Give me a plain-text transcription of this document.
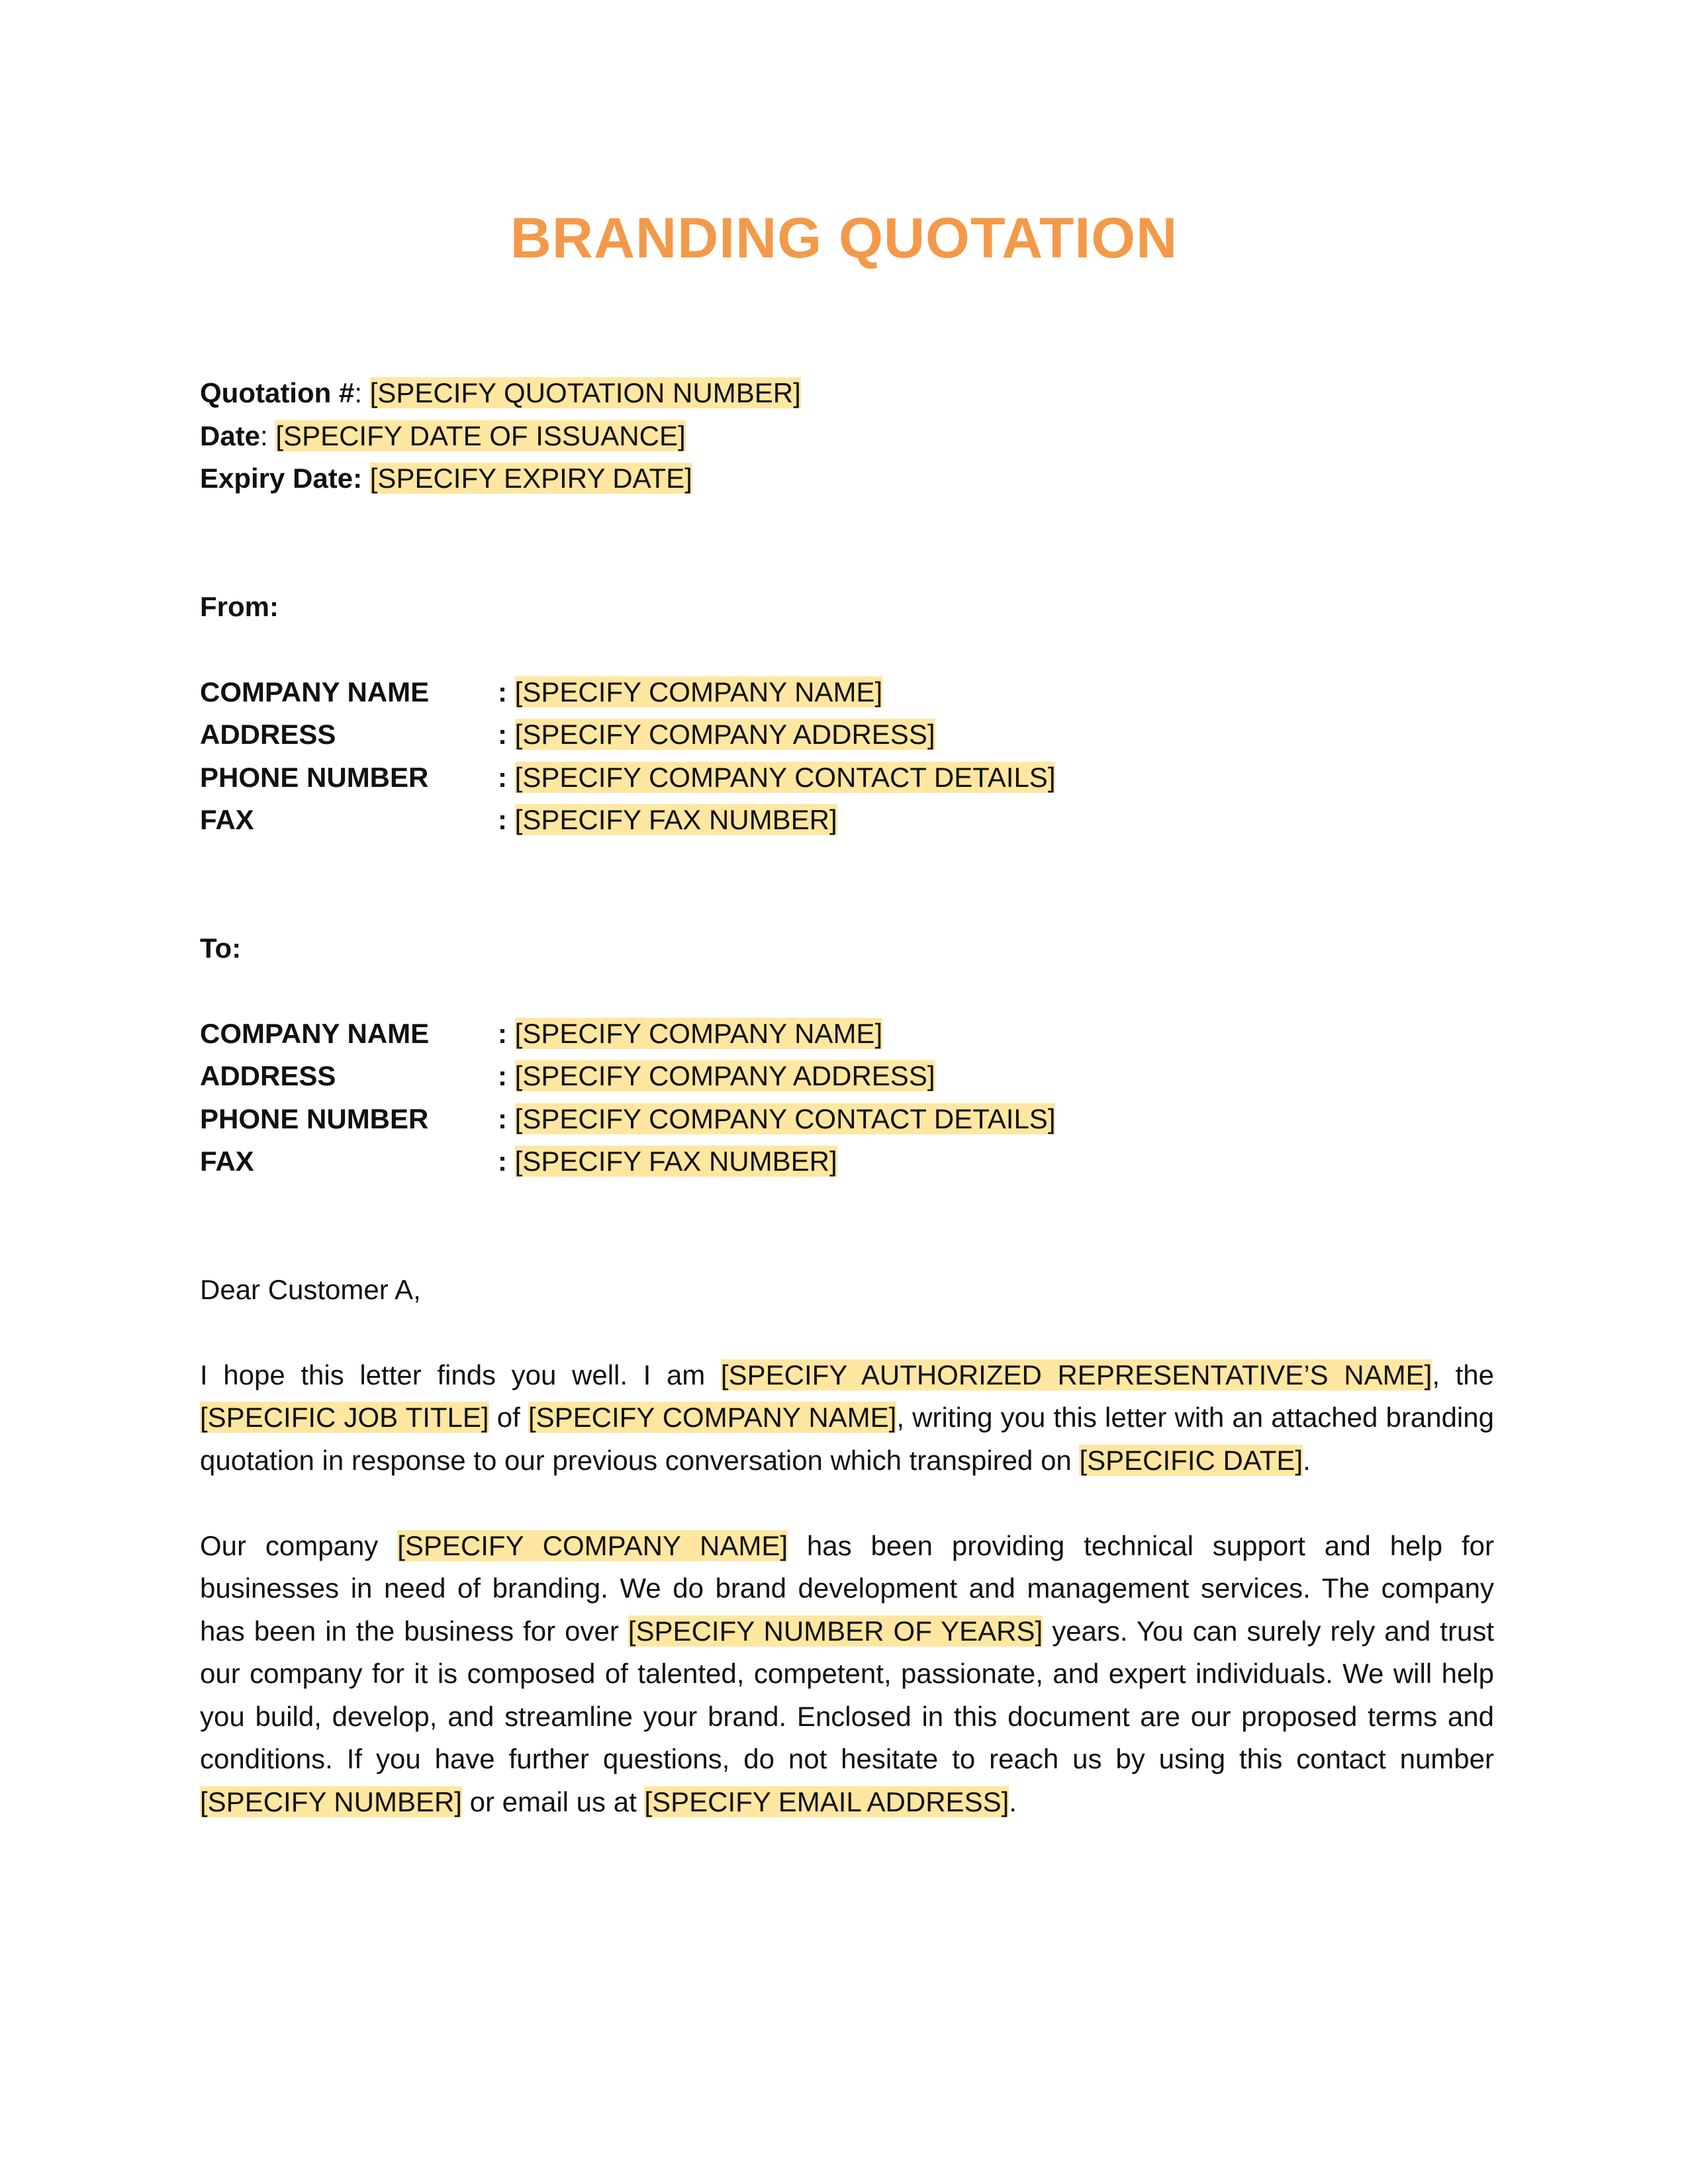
BRANDING QUOTATION
Quotation #: [SPECIFY QUOTATION NUMBER]
Date: [SPECIFY DATE OF ISSUANCE]
Expiry Date: [SPECIFY EXPIRY DATE]
From:
COMPANY NAME : [SPECIFY COMPANY NAME]
ADDRESS	: [SPECIFY COMPANY ADDRESS]
PHONE NUMBER : [SPECIFY COMPANY CONTACT DETAILS]
FAX	: [SPECIFY FAX NUMBER]
To:
COMPANY NAME : [SPECIFY COMPANY NAME]
ADDRESS	: [SPECIFY COMPANY ADDRESS]
PHONE NUMBER : [SPECIFY COMPANY CONTACT DETAILS]
FAX	: [SPECIFY FAX NUMBER]
Dear Customer A,
I hope this letter finds you well. I am [SPECIFY AUTHORIZED REPRESENTATIVE’S NAME], the [SPECIFIC JOB TITLE] of [SPECIFY COMPANY NAME], writing you this letter with an attached branding quotation in response to our previous conversation which transpired on [SPECIFIC DATE].
Our company [SPECIFY COMPANY NAME] has been providing technical support and help for businesses in need of branding. We do brand development and management services. The company has been in the business for over [SPECIFY NUMBER OF YEARS] years. You can surely rely and trust our company for it is composed of talented, competent, passionate, and expert individuals. We will help you build, develop, and streamline your brand. Enclosed in this document are our proposed terms and conditions. If you have further questions, do not hesitate to reach us by using this contact number [SPECIFY NUMBER] or email us at [SPECIFY EMAIL ADDRESS].
